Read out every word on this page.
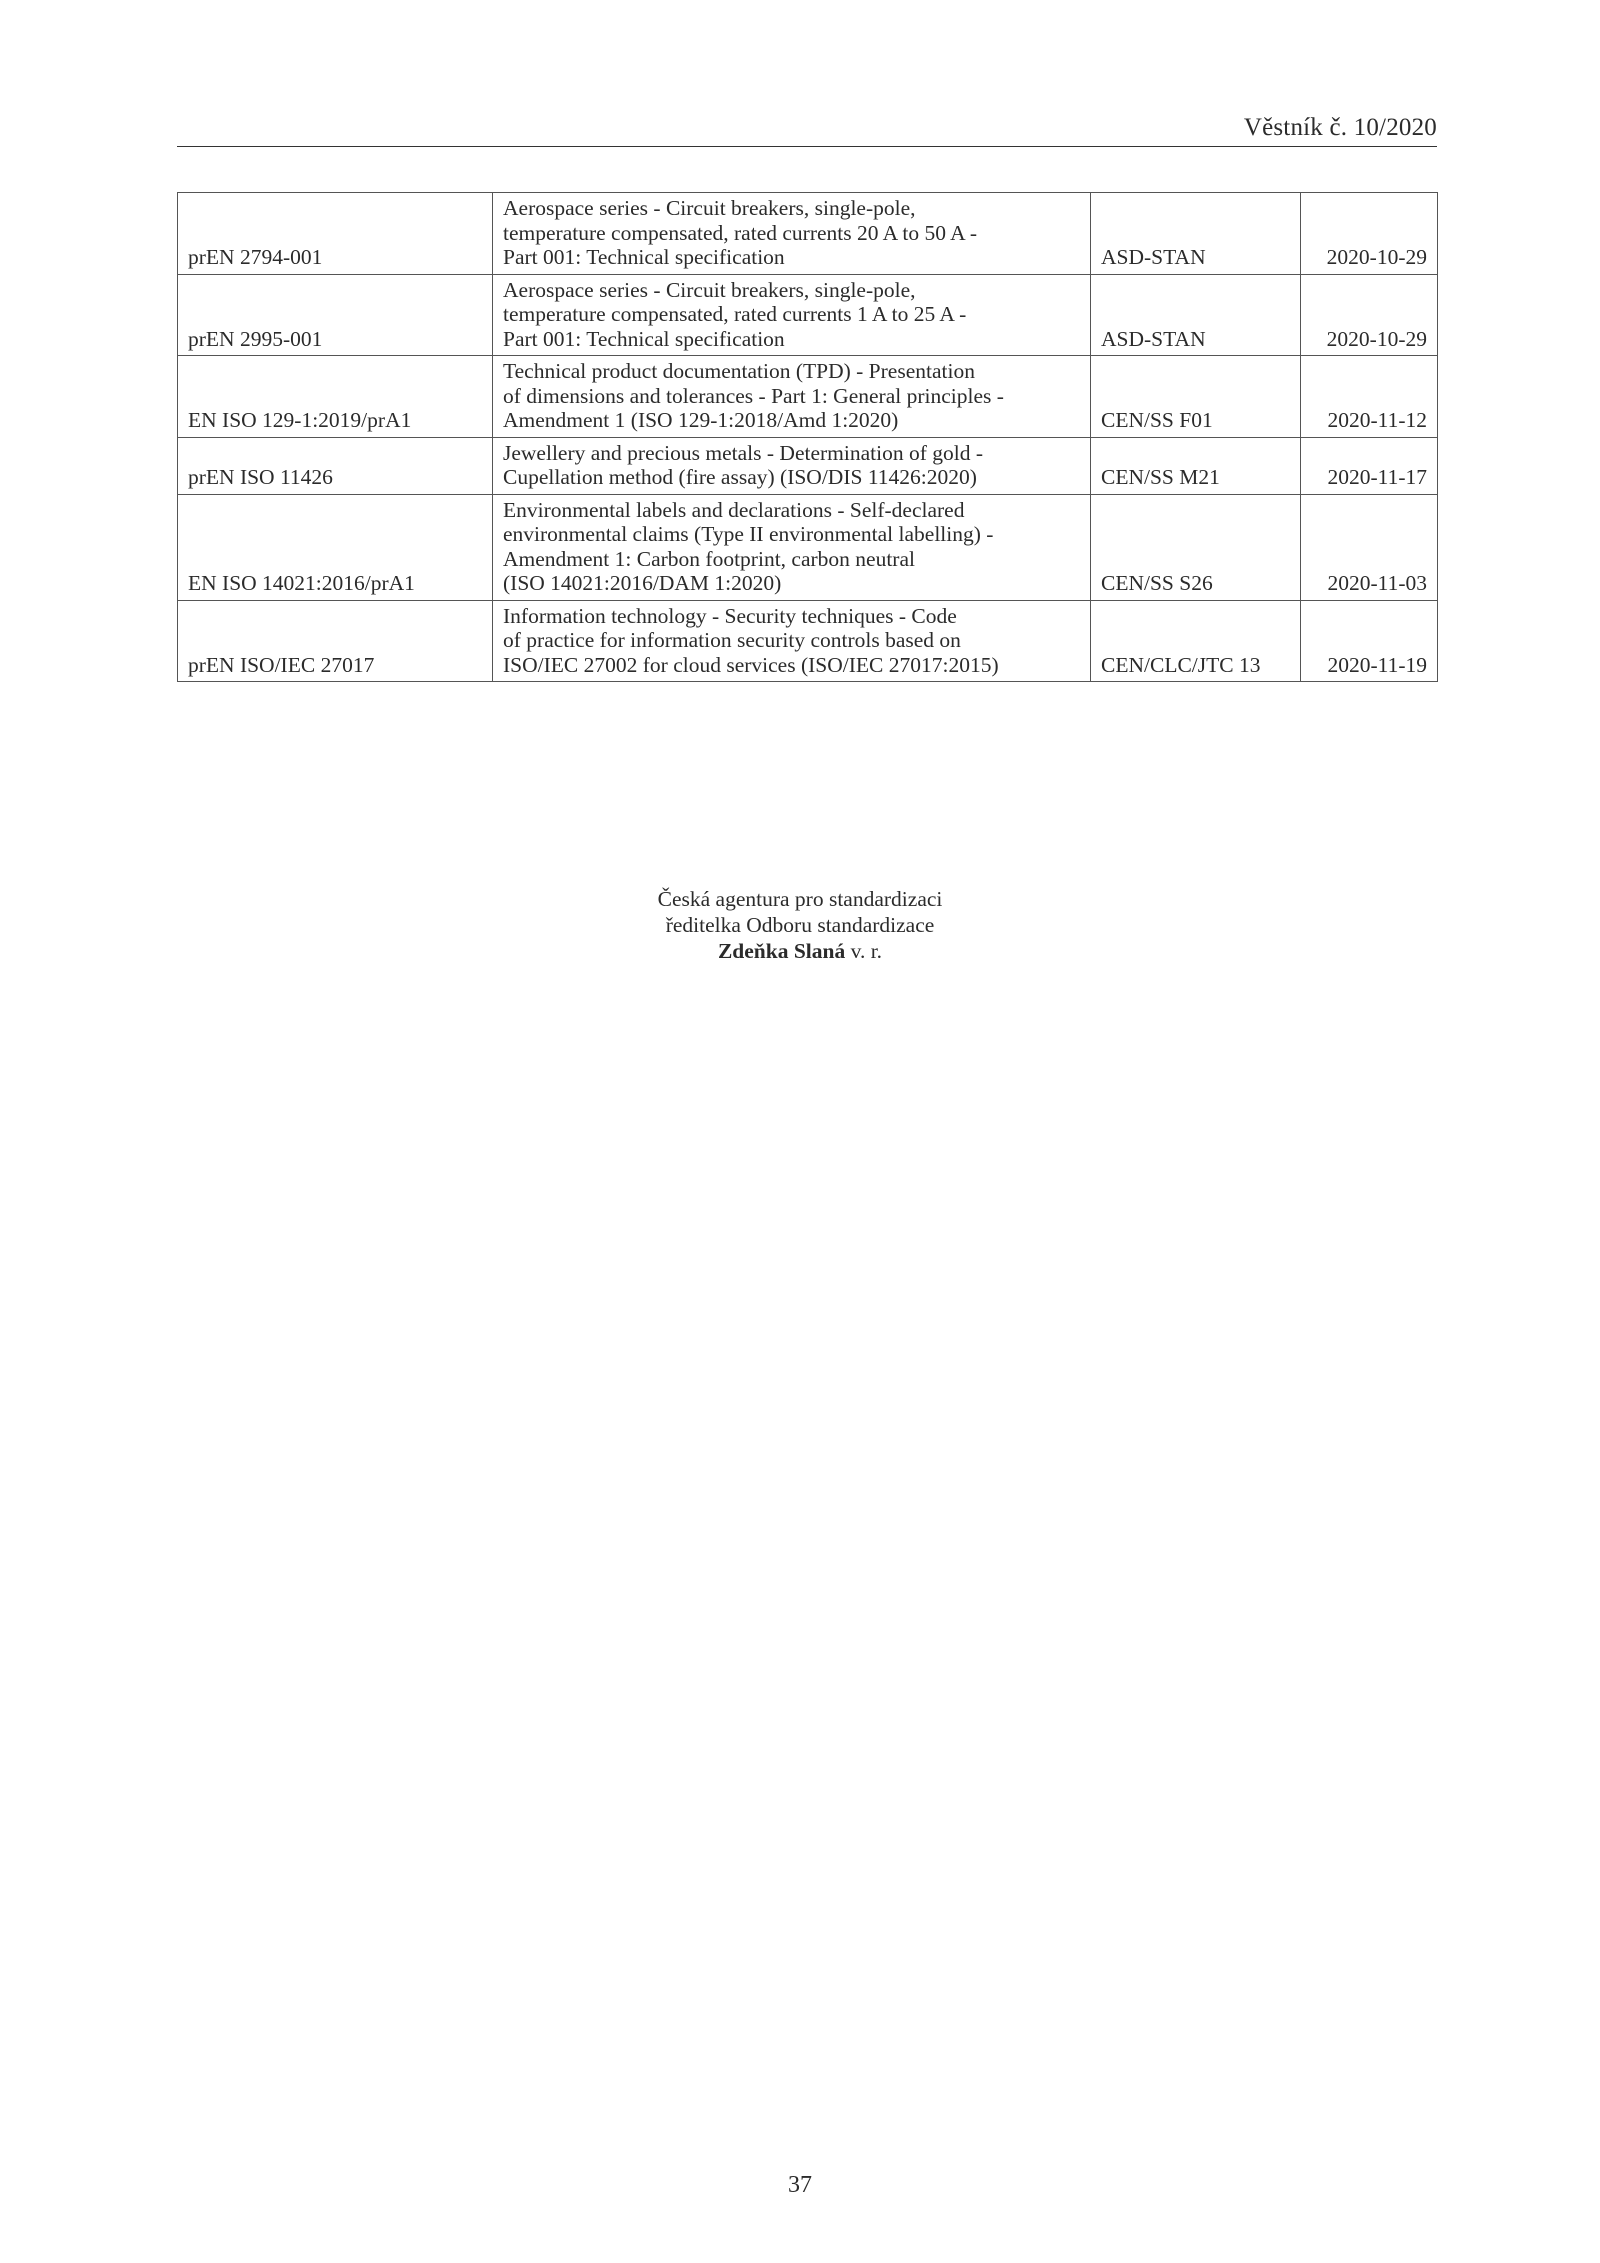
Věstník č. 10/2020
prEN 2794-001	Aerospace series - Circuit breakers, single-pole,
temperature compensated, rated currents 20 A to 50 A -
Part 001: Technical specification	ASD-STAN	2020-10-29
prEN 2995-001	Aerospace series - Circuit breakers, single-pole,
temperature compensated, rated currents 1 A to 25 A -
Part 001: Technical specification	ASD-STAN	2020-10-29
EN ISO 129-1:2019/prA1	Technical product documentation (TPD) - Presentation
of dimensions and tolerances - Part 1: General principles -
Amendment 1 (ISO 129-1:2018/Amd 1:2020)	CEN/SS F01	2020-11-12
prEN ISO 11426	Jewellery and precious metals - Determination of gold -
Cupellation method (fire assay) (ISO/DIS 11426:2020)	CEN/SS M21	2020-11-17
EN ISO 14021:2016/prA1	Environmental labels and declarations - Self-declared
environmental claims (Type II environmental labelling) -
Amendment 1: Carbon footprint, carbon neutral
(ISO 14021:2016/DAM 1:2020)	CEN/SS S26	2020-11-03
prEN ISO/IEC 27017	Information technology - Security techniques - Code
of practice for information security controls based on
ISO/IEC 27002 for cloud services (ISO/IEC 27017:2015)	CEN/CLC/JTC 13	2020-11-19
Česká agentura pro standardizaci
ředitelka Odboru standardizace
Zdeňka Slaná v. r.
37
